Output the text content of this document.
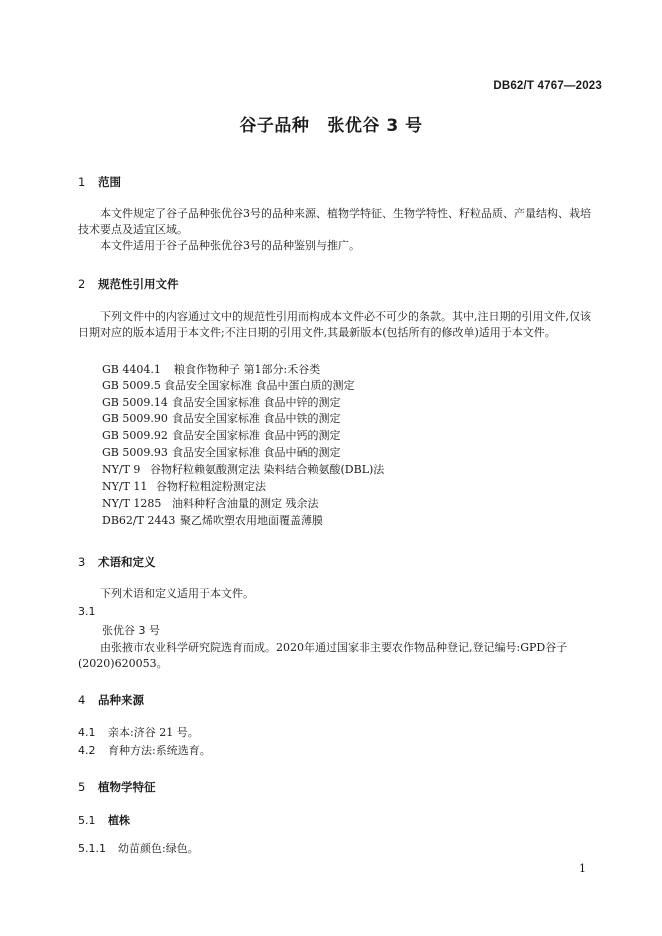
DB62/T 4767—2023
谷子品种 张优谷 3 号
1 范围
本文件规定了谷子品种张优谷3号的品种来源、植物学特征、生物学特性、籽粒品质、产量结构、栽培技术要点及适宜区域。
本文件适用于谷子品种张优谷3号的品种鉴别与推广。
2 规范性引用文件
下列文件中的内容通过文中的规范性引用而构成本文件必不可少的条款。其中,注日期的引用文件,仅该日期对应的版本适用于本文件;不注日期的引用文件,其最新版本(包括所有的修改单)适用于本文件。
GB 4404.1 粮食作物种子 第1部分:禾谷类
GB 5009.5 食品安全国家标准 食品中蛋白质的测定
GB 5009.14 食品安全国家标准 食品中锌的测定
GB 5009.90 食品安全国家标准 食品中铁的测定
GB 5009.92 食品安全国家标准 食品中钙的测定
GB 5009.93 食品安全国家标准 食品中硒的测定
NY/T 9 谷物籽粒赖氨酸测定法 染料结合赖氨酸(DBL)法
NY/T 11 谷物籽粒粗淀粉测定法
NY/T 1285 油料种籽含油量的测定 残余法
DB62/T 2443 聚乙烯吹塑农用地面覆盖薄膜
3 术语和定义
下列术语和定义适用于本文件。
3.1
张优谷 3 号
由张掖市农业科学研究院选育而成。2020年通过国家非主要农作物品种登记,登记编号:GPD谷子(2020)620053。
4 品种来源
4.1 亲本:济谷 21 号。
4.2 育种方法:系统选育。
5 植物学特征
5.1 植株
5.1.1 幼苗颜色:绿色。
1
